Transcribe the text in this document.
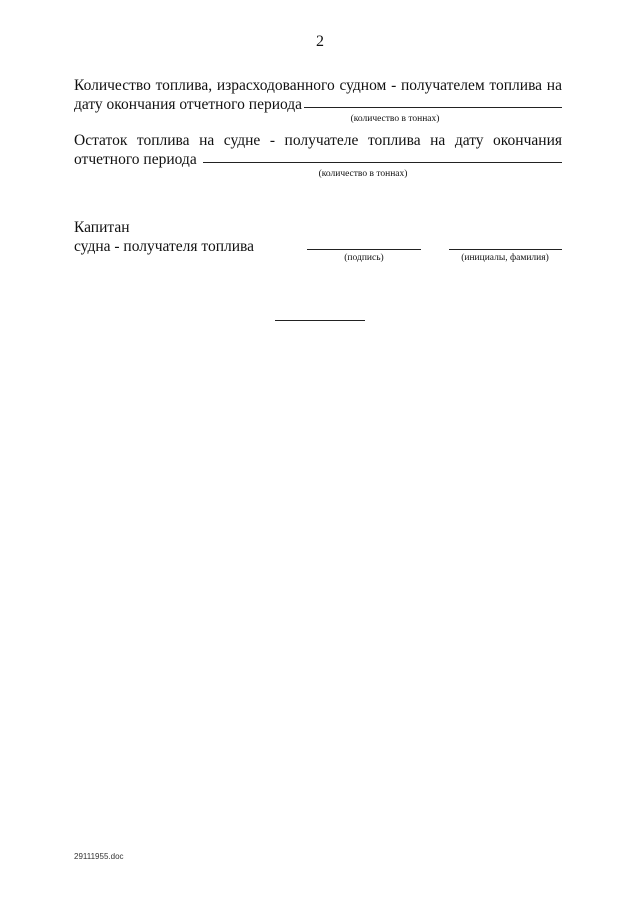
2
Количество топлива, израсходованного судном - получателем топлива на
дату окончания отчетного периода
(количество в тоннах)
Остаток топлива на судне - получателе топлива на дату окончания
отчетного периода
(количество в тоннах)
Капитан
судна - получателя топлива
(подпись)	(инициалы, фамилия)
29111955.doc
